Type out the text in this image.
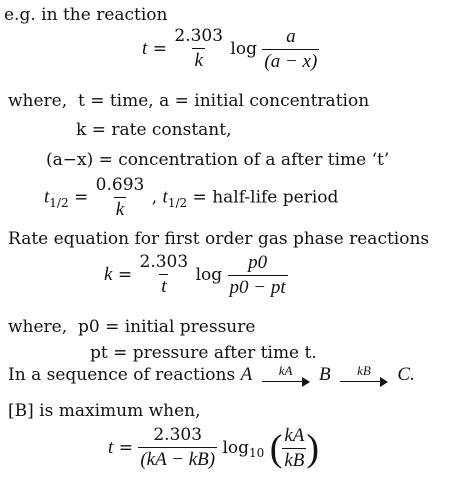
e.g. in the reaction
$t = \frac{2.303}{k}$ $\log \frac{a}{(a - x)}$
where, t = time, a = initial concentration
k = rate constant,
(a−x) = concentration of a after time ‘t’
$t_{1/2} = \frac{0.693}{k}$ , $t_{1/2}$ = half-life period
Rate equation for first order gas phase reactions
$k = \frac{2.303}{t}$ $\log \frac{p0}{p0 - pt}$
where, p0 = initial pressure
pt = pressure after time t.
In a sequence of reactions A kA B kB C.
[B] is maximum when,
$t = \frac{2.303}{(kA - kB)} \log_{10}$ ( $\frac{kA}{kB}$ )
